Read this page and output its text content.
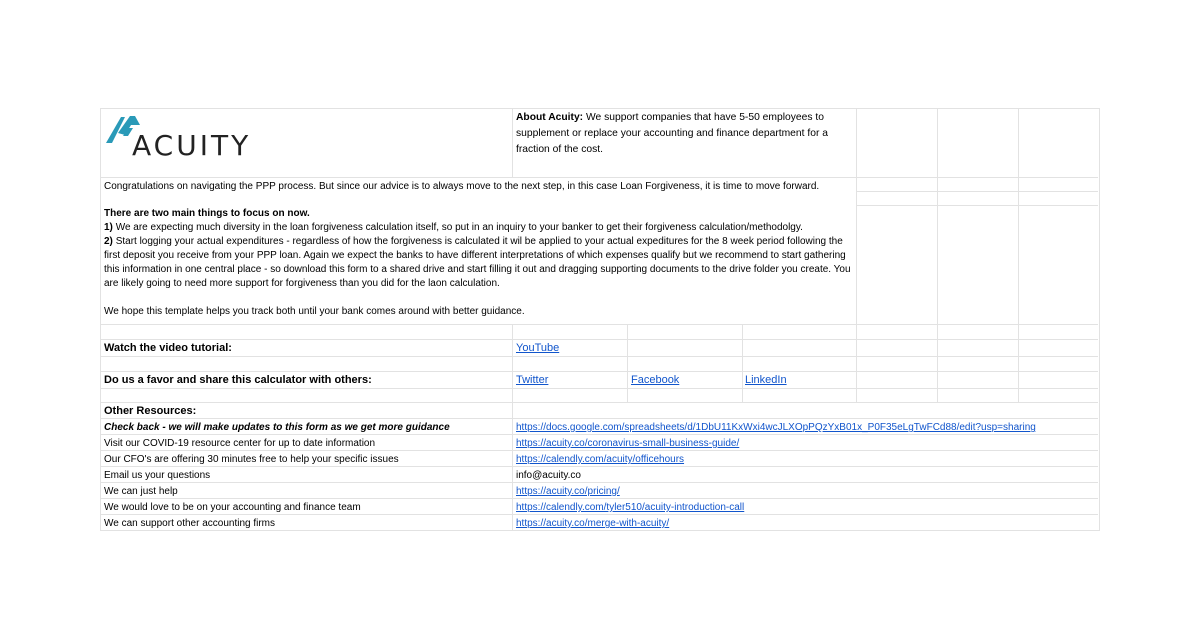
ACUITY
About Acuity: We support companies that have 5-50 employees to supplement or replace your accounting and finance department for a fraction of the cost.
Congratulations on navigating the PPP process. But since our advice is to always move to the next step, in this case Loan Forgiveness, it is time to move forward.
There are two main things to focus on now.
1) We are expecting much diversity in the loan forgiveness calculation itself, so put in an inquiry to your banker to get their forgiveness calculation/methodolgy.
2) Start logging your actual expenditures - regardless of how the forgiveness is calculated it wil be applied to your actual expeditures for the 8 week period following the first deposit you receive from your PPP loan. Again we expect the banks to have different interpretations of which expenses qualify but we recommend to start gathering this information in one central place - so download this form to a shared drive and start filling it out and dragging supporting documents to the drive folder you create. You are likely going to need more support for forgiveness than you did for the laon calculation.
We hope this template helps you track both until your bank comes around with better guidance.
Watch the video tutorial:	YouTube
Do us a favor and share this calculator with others:	Twitter	Facebook	LinkedIn
Other Resources:
Check back - we will make updates to this form as we get more guidance	https://docs.google.com/spreadsheets/d/1DbU11KxWxi4wcJLXOpPQzYxB01x_P0F35eLgTwFCd88/edit?usp=sharing
Visit our COVID-19 resource center for up to date information	https://acuity.co/coronavirus-small-business-guide/
Our CFO's are offering 30 minutes free to help your specific issues	https://calendly.com/acuity/officehours
Email us your questions	info@acuity.co
We can just help	https://acuity.co/pricing/
We would love to be on your accounting and finance team	https://calendly.com/tyler510/acuity-introduction-call
We can support other accounting firms	https://acuity.co/merge-with-acuity/
